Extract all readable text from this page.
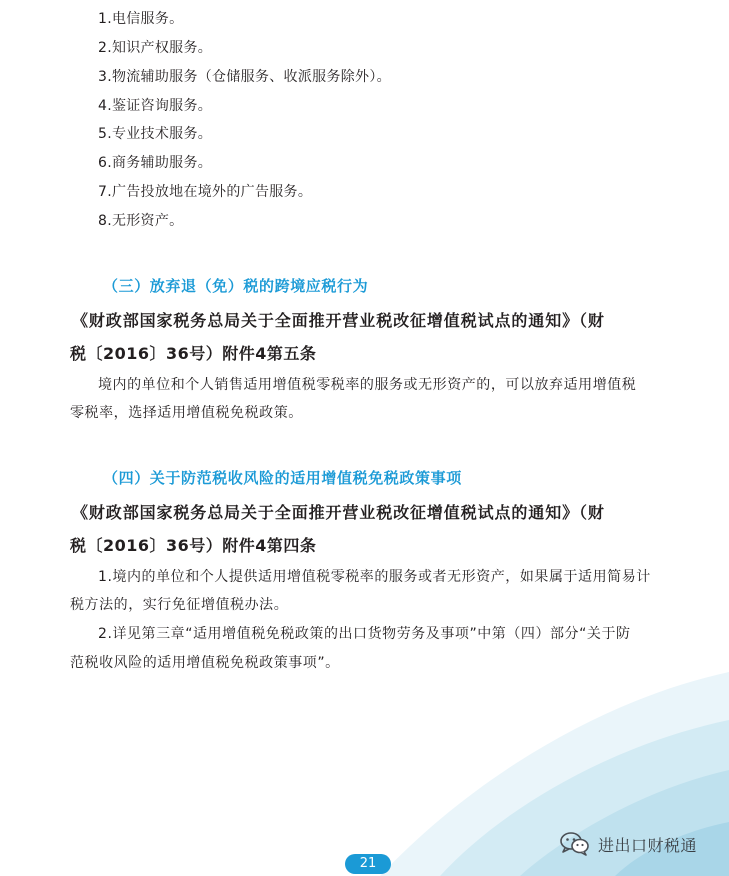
1.电信服务。
2.知识产权服务。
3.物流辅助服务（仓储服务、收派服务除外）。
4.鉴证咨询服务。
5.专业技术服务。
6.商务辅助服务。
7.广告投放地在境外的广告服务。
8.无形资产。
（三）放弃退（免）税的跨境应税行为
《财政部国家税务总局关于全面推开营业税改征增值税试点的通知》（财
税〔2016〕36号）附件4第五条
境内的单位和个人销售适用增值税零税率的服务或无形资产的，可以放弃适用增值税
零税率，选择适用增值税免税政策。
（四）关于防范税收风险的适用增值税免税政策事项
《财政部国家税务总局关于全面推开营业税改征增值税试点的通知》（财
税〔2016〕36号）附件4第四条
1.境内的单位和个人提供适用增值税零税率的服务或者无形资产，如果属于适用简易计
税方法的，实行免征增值税办法。
2.详见第三章“适用增值税免税政策的出口货物劳务及事项”中第（四）部分“关于防
范税收风险的适用增值税免税政策事项”。
21
进出口财税通
